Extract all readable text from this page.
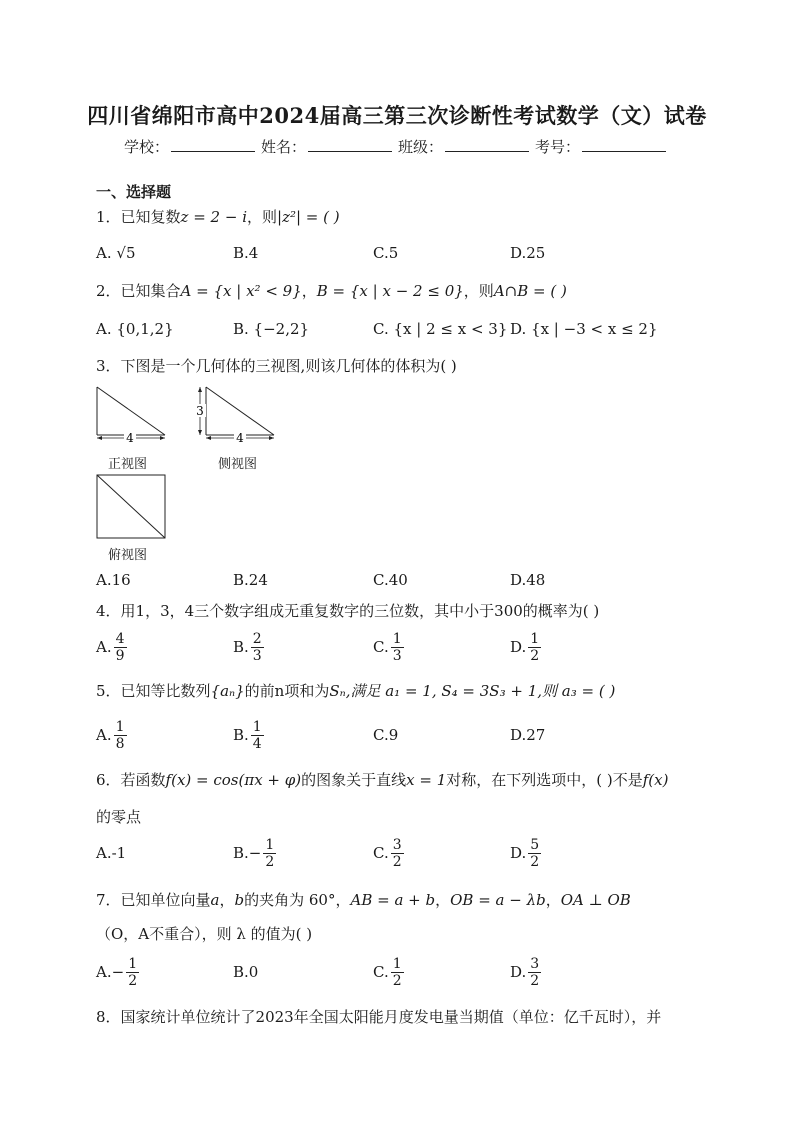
四川省绵阳市高中2024届高三第三次诊断性考试数学（文）试卷
学校：	姓名：	班级：	考号：
一、选择题
1．已知复数z = 2 − i，则|z²| = ( )
A.
√5	B.4	C.5	D.25
2．已知集合A = {x | x² < 9}，B = {x | x − 2 ≤ 0}，则A∩B = ( )
A. {0,1,2}	B. {−2,2}	C. {x | 2 ≤ x < 3} D. {x | −3 < x ≤ 2}
3．下图是一个几何体的三视图,则该几何体的体积为( )
4
正视图
3
4
侧视图
俯视图
A.16	B.24	C.40	D.48
4．用1，3，4三个数字组成无重复数字的三位数，其中小于300的概率为( )
A. $\frac{4}{9}$	B. $\frac{2}{3}$	C. $\frac{1}{3}$	D. $\frac{1}{2}$
5．已知等比数列{aₙ}的前n项和为Sₙ,满足 a₁ = 1, S₄ = 3S₃ + 1,则 a₃ = ( )
A. $\frac{1}{8}$	B. $\frac{1}{4}$	C.9	D.27
6．若函数f(x) = cos(πx + φ)的图象关于直线x = 1对称，在下列选项中，( )不是f(x)
的零点
A.-1	B. − $\frac{1}{2}$	C. $\frac{3}{2}$	D. $\frac{5}{2}$
7．已知单位向量a，b的夹角为 60°，AB = a + b，OB = a − λb，OA ⊥ OB
（O，A不重合），则 λ 的值为( )
A. − $\frac{1}{2}$	B.0	C. $\frac{1}{2}$	D. $\frac{3}{2}$
8．国家统计单位统计了2023年全国太阳能月度发电量当期值（单位：亿千瓦时），并
